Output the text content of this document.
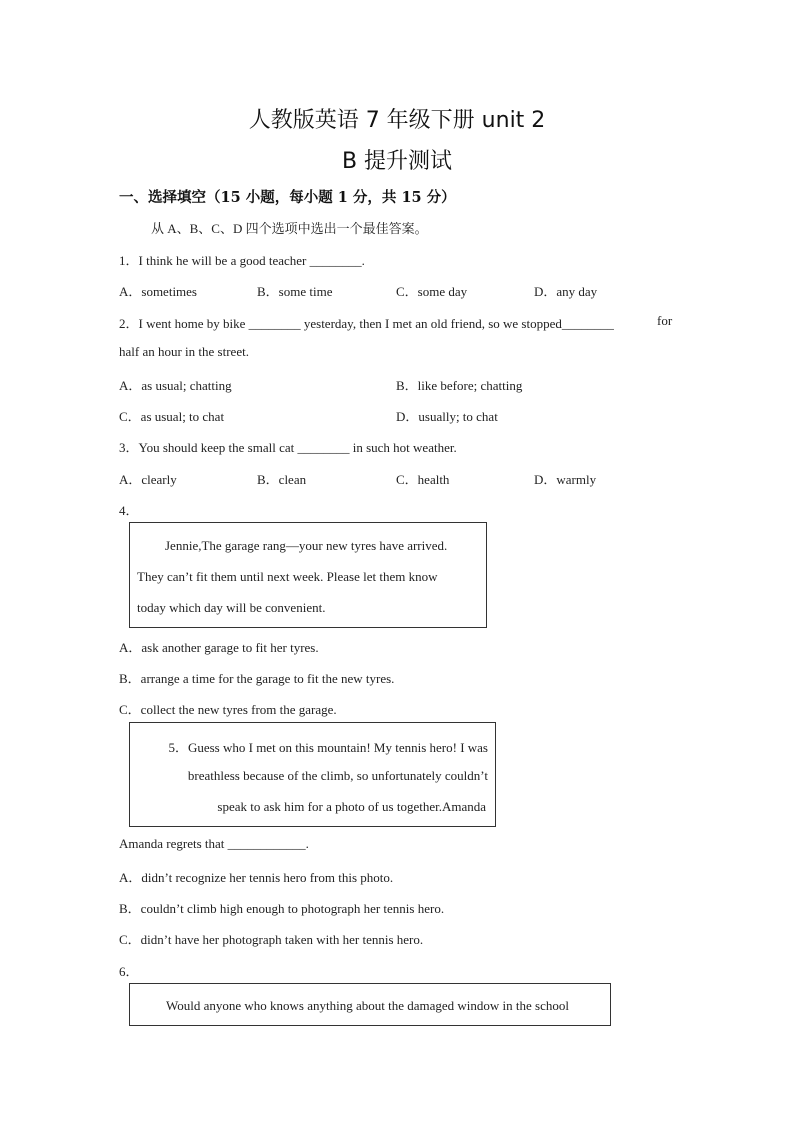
人教版英语 7 年级下册 unit 2
B 提升测试
一、选择填空（15 小题，每小题 1 分，共 15 分）
从 A、B、C、D 四个选项中选出一个最佳答案。
1．I think he will be a good teacher ________.
A．sometimes	B．some time	C．some day	D．any day
2．I went home by bike ________ yesterday, then I met an old friend, so we stopped________	for
half an hour in the street.
A．as usual; chatting	B．like before; chatting
C．as usual; to chat	D．usually; to chat
3．You should keep the small cat ________ in such hot weather.
A．clearly	B．clean	C．health	D．warmly
4．
Jennie,The garage rang—your new tyres have arrived.
They can’t fit them until next week. Please let them know
today which day will be convenient.
A．ask another garage to fit her tyres.
B．arrange a time for the garage to fit the new tyres.
C．collect the new tyres from the garage.
5．Guess who I met on this mountain! My tennis hero! I was
breathless because of the climb, so unfortunately couldn’t
speak to ask him for a photo of us together.Amanda
Amanda regrets that ____________.
A．didn’t recognize her tennis hero from this photo.
B．couldn’t climb high enough to photograph her tennis hero.
C．didn’t have her photograph taken with her tennis hero.
6．
Would anyone who knows anything about the damaged window in the school
